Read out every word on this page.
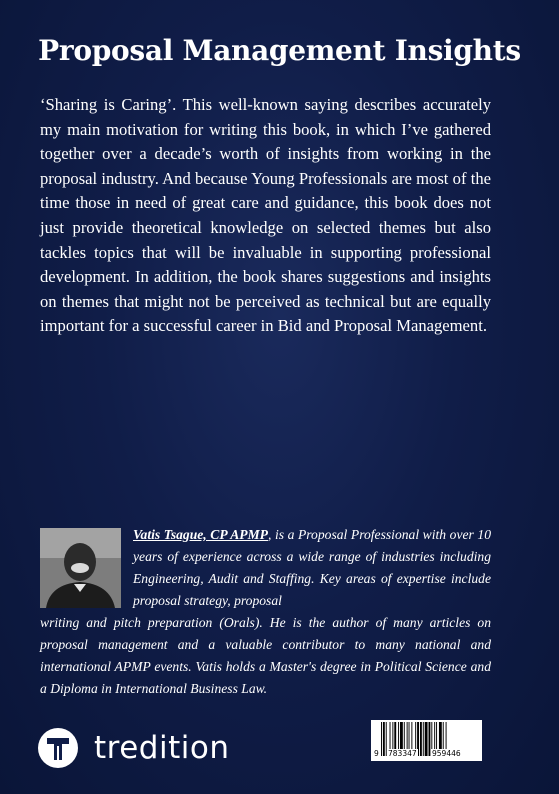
Proposal Management Insights
‘Sharing is Caring’. This well-known saying describes accurately my main motivation for writing this book, in which I’ve gathered together over a decade’s worth of insights from working in the proposal industry. And because Young Professionals are most of the time those in need of great care and guidance, this book does not just provide theoretical knowledge on selected themes but also tackles topics that will be invaluable in supporting professional development. In addition, the book shares suggestions and insights on themes that might not be perceived as technical but are equally important for a successful career in Bid and Proposal Management.
Vatis Tsague, CP APMP, is a Proposal Professional with over 10 years of experience across a wide range of industries including Engineering, Audit and Staffing. Key areas of expertise include proposal strategy, proposal
writing and pitch preparation (Orals). He is the author of many articles on proposal management and a valuable contributor to many national and international APMP events. Vatis holds a Master's degree in Political Science and a Diploma in International Business Law.
tredition	9 783347 959446
